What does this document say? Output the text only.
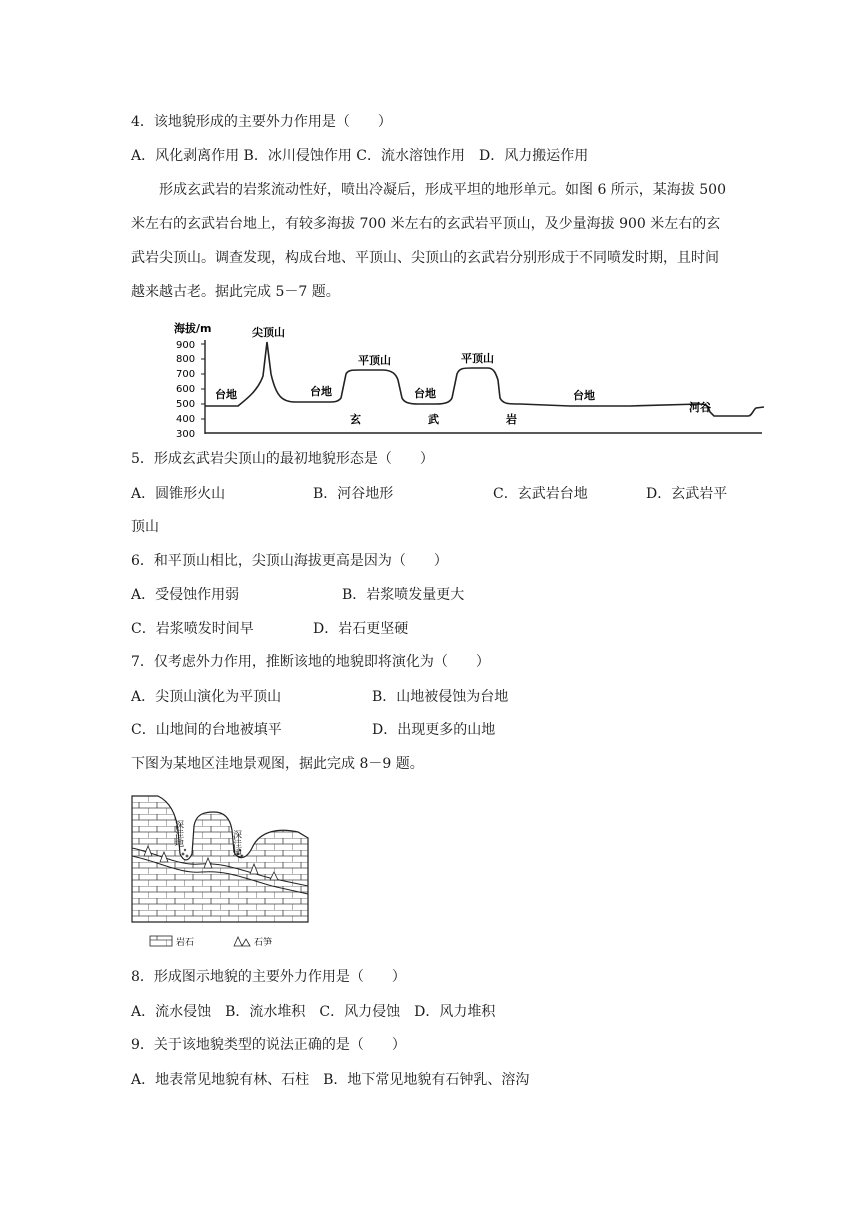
4．该地貌形成的主要外力作用是（　　）
A．风化剥离作用 B．冰川侵蚀作用 C．流水溶蚀作用　D．风力搬运作用
形成玄武岩的岩浆流动性好，喷出冷凝后，形成平坦的地形单元。如图 6 所示，某海拔 500 米左右的玄武岩台地上，有较多海拔 700 米左右的玄武岩平顶山，及少量海拔 900 米左右的玄武岩尖顶山。调查发现，构成台地、平顶山、尖顶山的玄武岩分别形成于不同喷发时期，且时间越来越古老。据此完成 5－7 题。
海拔/m
900
800
700
600
500
400
300
尖顶山
平顶山	平顶山
台地	台地	台地	台地
河谷
玄	武	岩
5．形成玄武岩尖顶山的最初地貌形态是（　　）
A．圆锥形火山	B．河谷地形	C．玄武岩台地	D．玄武岩平
顶山
6．和平顶山相比，尖顶山海拔更高是因为（　　）
A．受侵蚀作用弱	B．岩浆喷发量更大
C．岩浆喷发时间早	D．岩石更坚硬
7．仅考虑外力作用，推断该地的地貌即将演化为（　　）
A．尖顶山演化为平顶山	B．山地被侵蚀为台地
C．山地间的台地被填平	D．出现更多的山地
下图为某地区洼地景观图，据此完成 8－9 题。
深洼地	深洼地
岩石	石笋
8．形成图示地貌的主要外力作用是（　　）
A．流水侵蚀　B．流水堆积　C．风力侵蚀　D．风力堆积
9．关于该地貌类型的说法正确的是（　　）
A．地表常见地貌有林、石柱　B．地下常见地貌有石钟乳、溶沟
